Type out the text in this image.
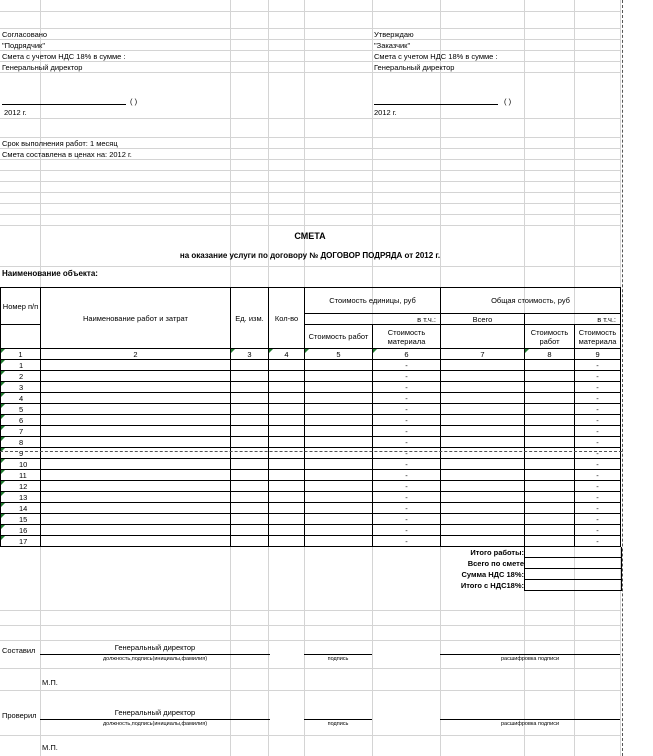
Согласовано
"Подрядчик"
Смета с учетом НДС 18% в сумме :
Генеральный директор
( )
2012 г.
Утверждаю
"Заказчик"
Смета с учетом НДС 18% в сумме :
Генеральный директор
( )
2012 г.
Срок выполнения работ: 1 месяц
Смета составлена в ценах на: 2012 г.
СМЕТА
на оказание услуги по договору № ДОГОВОР ПОДРЯДА от 2012 г.
Наименование объекта:
Номер п/п	Наименование работ и затрат	Ед. изм.	Кол-во	Стоимость единицы, руб		Общая стоимость, руб		
				в т.ч.:		Всего	в т.ч.:	
				Стоимость работ	Стоимость материала		Стоимость работ	Стоимость материала

1	2	3	4	5	6	7	8	9
1					-			-
2					-			-
3					-			-
4					-			-
5					-			-
6					-			-
7					-			-
8					-			-
9					-			-
10					-			-
11					-			-
12					-			-
13					-			-
14					-			-
15					-			-
16					-			-
17					-			-
Итого работы:
Всего по смете
Сумма НДС 18%:
Итого с НДС18%:
Составил	Генеральный директор
должность,подпись(инициалы,фамилия)	подпись	расшифровка подписи
М.П.
Проверил	Генеральный директор
должность,подпись(инициалы,фамилия)	подпись	расшифровка подписи
М.П.
